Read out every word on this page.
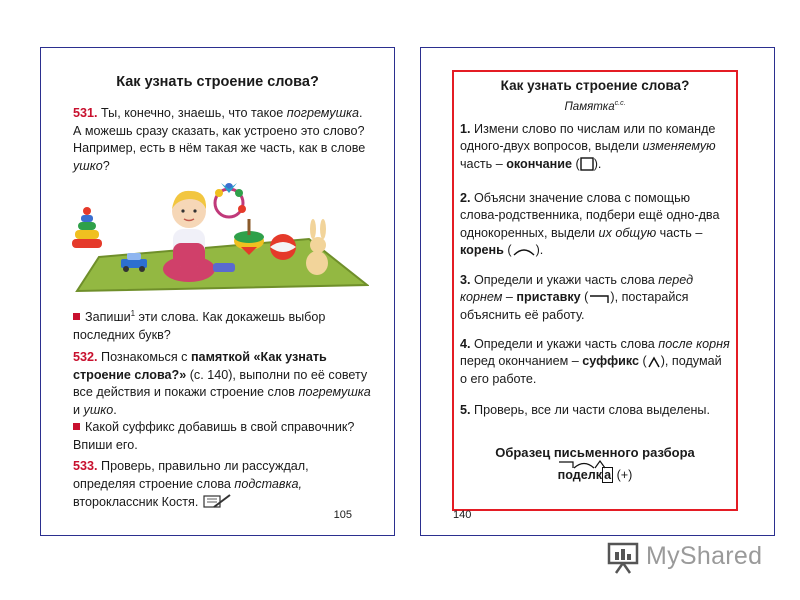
Как узнать строение слова?
531. Ты, конечно, знаешь, что такое погремушка. А можешь сразу сказать, как устроено это слово? Например, есть в нём такая же часть, как в слове ушко?
Запиши$^1$ эти слова. Как докажешь выбор последних букв?
532. Познакомься с памяткой «Как узнать строение слова?» (с. 140), выполни по её совету все действия и покажи строение слов погремушка и ушко.
Какой суффикс добавишь в свой справочник? Впиши его.
533. Проверь, правильно ли рассуждал, определяя строение слова подставка, второклассник Костя.
105
Как узнать строение слова?
Памятка$^{с.с.}$
1. Измени слово по числам или по команде одного-двух вопросов, выдели изменяемую часть – окончание ( ).
2. Объясни значение слова с помощью слова-родственника, подбери ещё одно-два однокоренных, выдели их общую часть – корень ( ).
3. Определи и укажи часть слова перед корнем – приставку ( ), постарайся объяснить её работу.
4. Определи и укажи часть слова после корня перед окончанием – суффикс ( ), подумай о его работе.
5. Проверь, все ли части слова выделены.
Образец письменного разбора
поделк а (+)
140
MyShared
